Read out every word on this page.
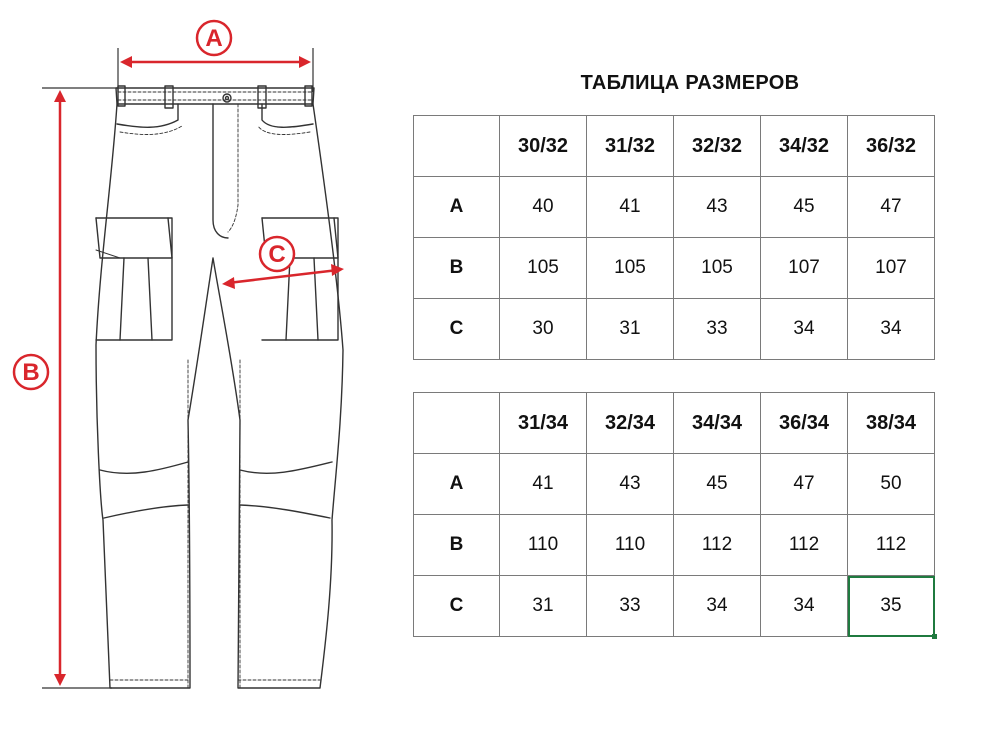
A
B
C
ТАБЛИЦА РАЗМЕРОВ
	30/32	31/32	32/32	34/32	36/32
A	40	41	43	45	47
B	105	105	105	107	107
C	30	31	33	34	34
	31/34	32/34	34/34	36/34	38/34
A	41	43	45	47	50
B	110	110	112	112	112
C	31	33	34	34	35
